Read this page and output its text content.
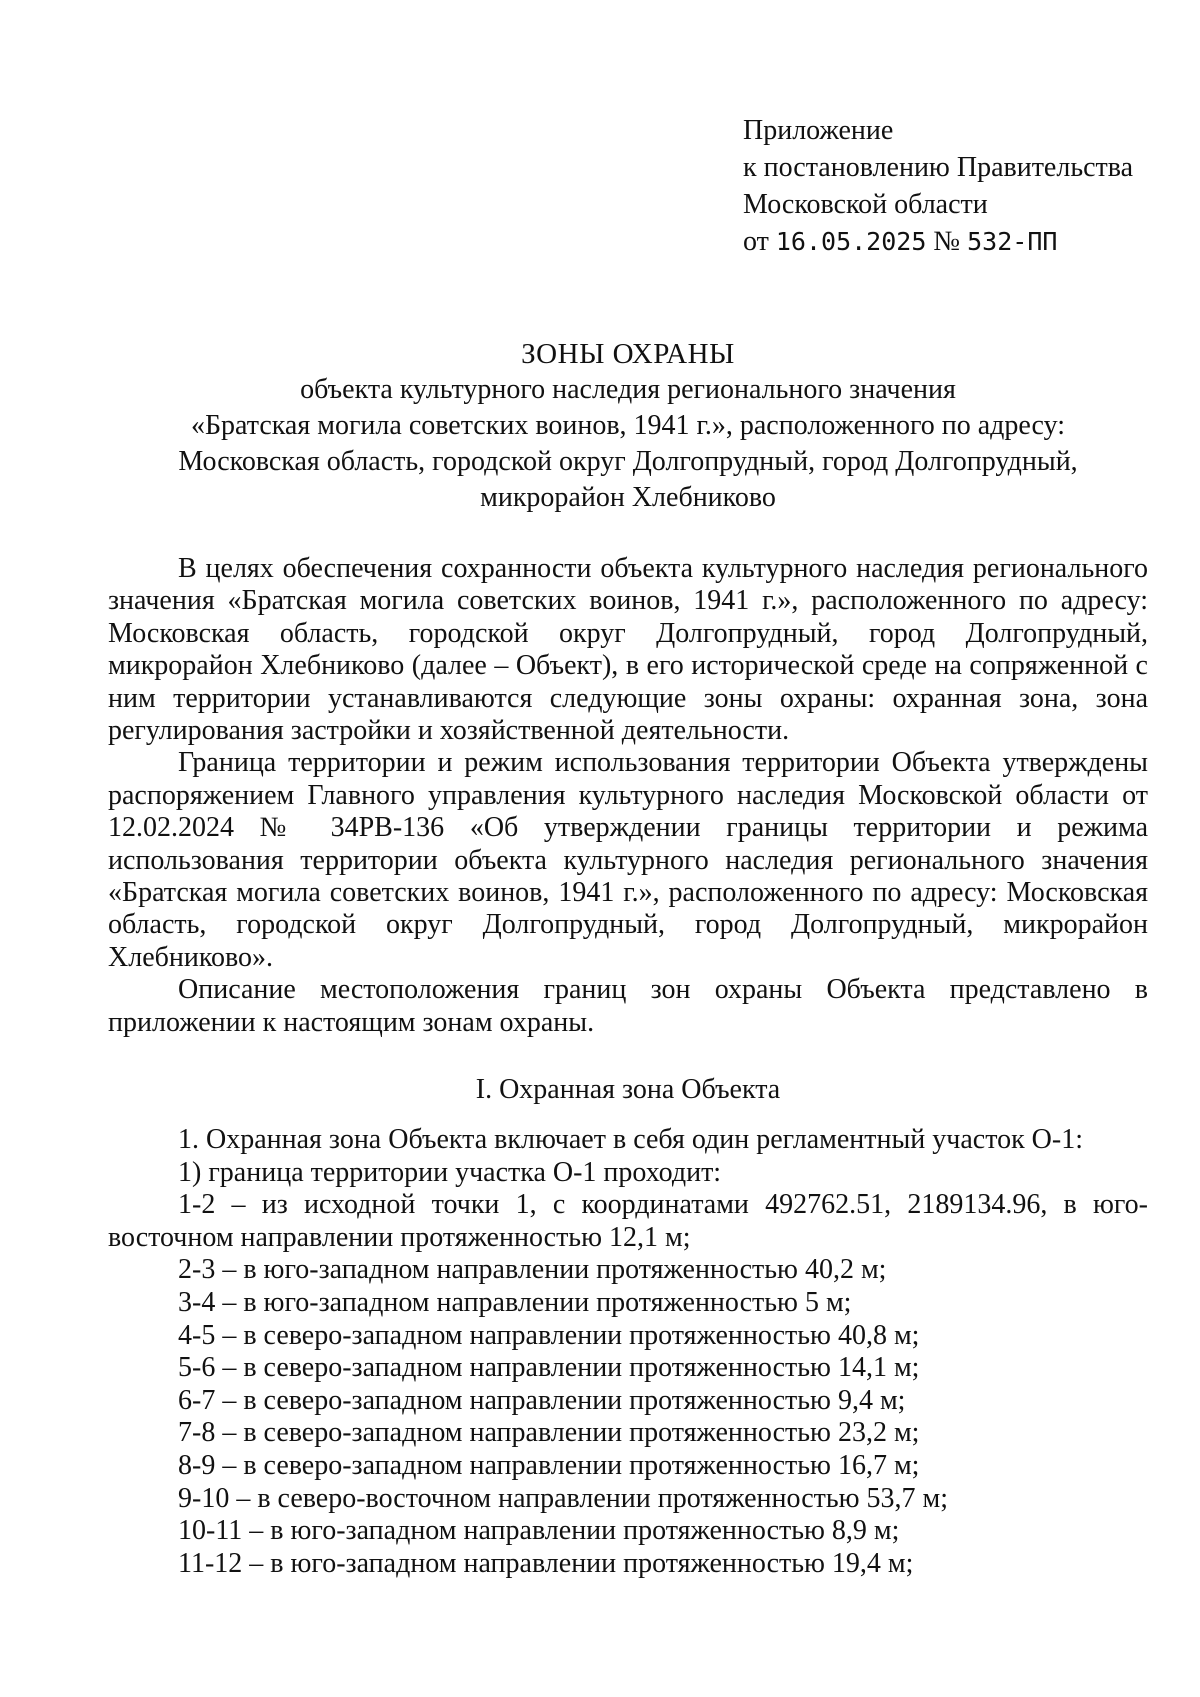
Приложение
к постановлению Правительства
Московской области
от 16.05.2025 № 532-ПП
ЗОНЫ ОХРАНЫ
объекта культурного наследия регионального значения
«Братская могила советских воинов, 1941 г.», расположенного по адресу:
Московская область, городской округ Долгопрудный, город Долгопрудный,
микрорайон Хлебниково

В целях обеспечения сохранности объекта культурного наследия регионального значения «Братская могила советских воинов, 1941 г.», расположенного по адресу: Московская область, городской округ Долгопрудный, город Долгопрудный, микрорайон Хлебниково (далее – Объект), в его исторической среде на сопряженной с ним территории устанавливаются следующие зоны охраны: охранная зона, зона регулирования застройки и хозяйственной деятельности.

Граница территории и режим использования территории Объекта утверждены распоряжением Главного управления культурного наследия Московской области от 12.02.2024 № 34РВ-136 «Об утверждении границы территории и режима использования территории объекта культурного наследия регионального значения «Братская могила советских воинов, 1941 г.», расположенного по адресу: Московская область, городской округ Долгопрудный, город Долгопрудный, микрорайон Хлебниково».

Описание местоположения границ зон охраны Объекта представлено в приложении к настоящим зонам охраны.

I. Охранная зона Объекта

1. Охранная зона Объекта включает в себя один регламентный участок О-1:

1) граница территории участка О-1 проходит:

1-2 – из исходной точки 1, с координатами 492762.51, 2189134.96, в юго-восточном направлении протяженностью 12,1 м;

2-3 – в юго-западном направлении протяженностью 40,2 м;
3-4 – в юго-западном направлении протяженностью 5 м;
4-5 – в северо-западном направлении протяженностью 40,8 м;
5-6 – в северо-западном направлении протяженностью 14,1 м;
6-7 – в северо-западном направлении протяженностью 9,4 м;
7-8 – в северо-западном направлении протяженностью 23,2 м;
8-9 – в северо-западном направлении протяженностью 16,7 м;
9-10 – в северо-восточном направлении протяженностью 53,7 м;
10-11 – в юго-западном направлении протяженностью 8,9 м;
11-12 – в юго-западном направлении протяженностью 19,4 м;
